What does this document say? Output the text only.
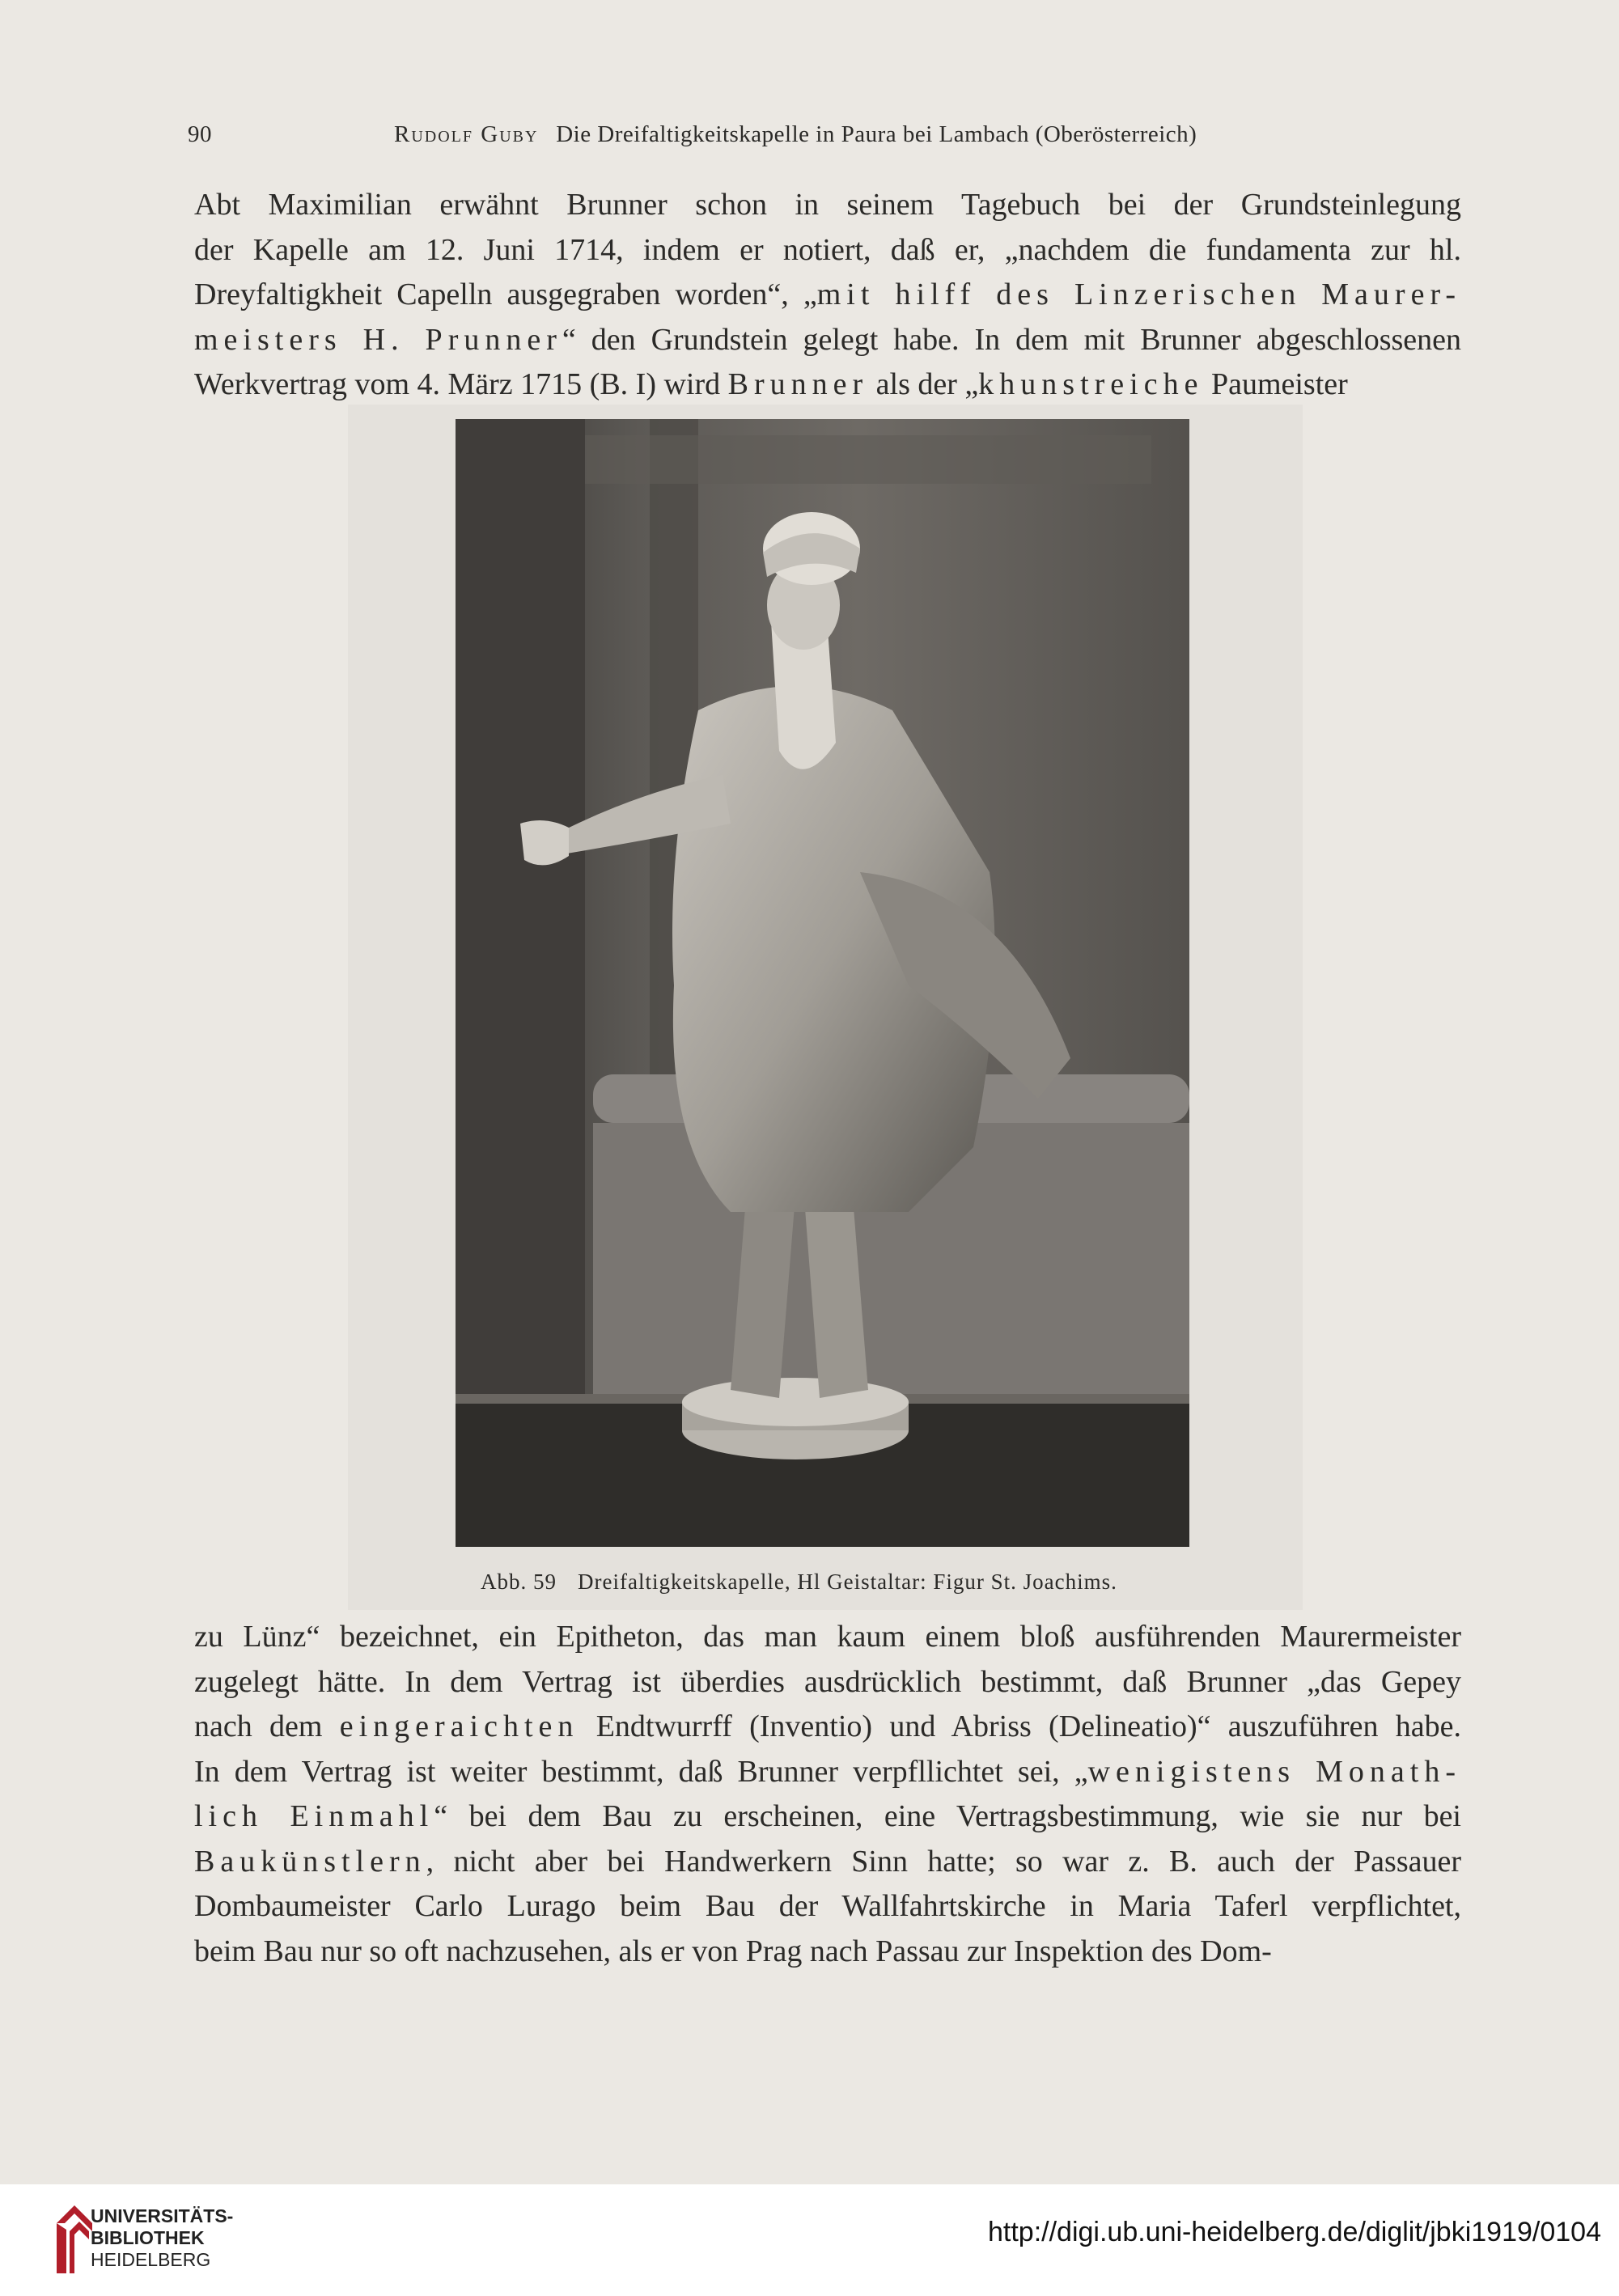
90	Rudolf Guby Die Dreifaltigkeitskapelle in Paura bei Lambach (Oberösterreich)
Abt Maximilian erwähnt Brunner schon in seinem Tagebuch bei der Grundsteinlegung
der Kapelle am 12. Juni 1714, indem er notiert, daß er, „nachdem die fundamenta zur hl.
Dreyfaltigkheit Capelln ausgegraben worden“, „mit hilff des Linzerischen Maurer-
meisters H. Prunner“ den Grundstein gelegt habe. In dem mit Brunner abgeschlossenen
Werkvertrag vom 4. März 1715 (B. I) wird Brunner als der „khunstreiche Paumeister
Abb. 59 Dreifaltigkeitskapelle, Hl Geistaltar: Figur St. Joachims.
zu Lünz“ bezeichnet, ein Epitheton, das man kaum einem bloß ausführenden Maurermeister
zugelegt hätte. In dem Vertrag ist überdies ausdrücklich bestimmt, daß Brunner „das Gepey
nach dem eingeraichten Endtwurrff (Inventio) und Abriss (Delineatio)“ auszuführen habe.
In dem Vertrag ist weiter bestimmt, daß Brunner verpfllichtet sei, „wenigistens Monath-
lich Einmahl“ bei dem Bau zu erscheinen, eine Vertragsbestimmung, wie sie nur bei
Baukünstlern, nicht aber bei Handwerkern Sinn hatte; so war z. B. auch der Passauer
Dombaumeister Carlo Lurago beim Bau der Wallfahrtskirche in Maria Taferl verpflichtet,
beim Bau nur so oft nachzusehen, als er von Prag nach Passau zur Inspektion des Dom-
UNIVERSITÄTS-
BIBLIOTHEK
HEIDELBERG
http://digi.ub.uni-heidelberg.de/diglit/jbki1919/0104
